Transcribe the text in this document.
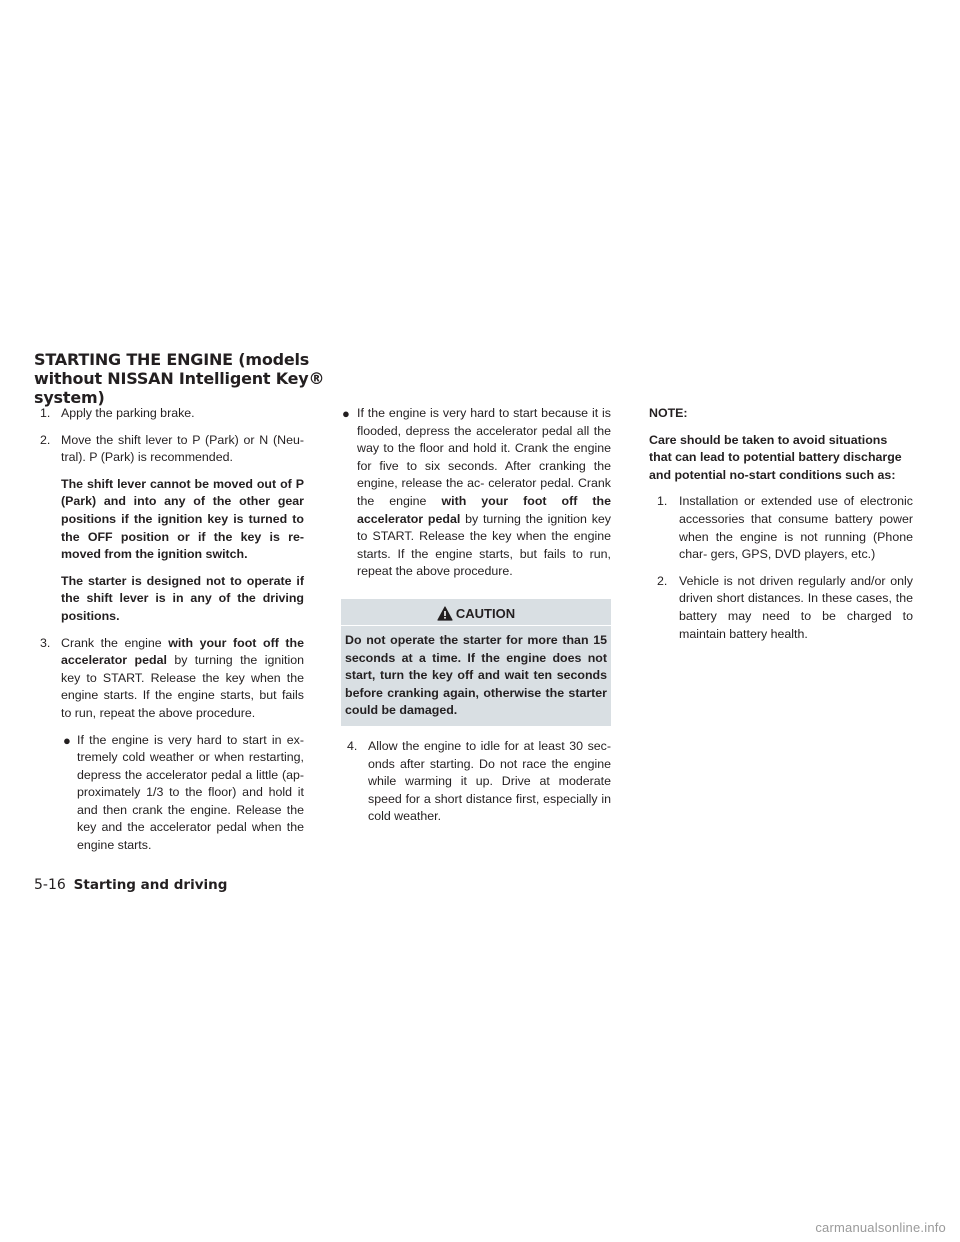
STARTING THE ENGINE (models without NISSAN Intelligent Key® system)

1. Apply the parking brake.

2. Move the shift lever to P (Park) or N (Neu- tral). P (Park) is recommended.

The shift lever cannot be moved out of P (Park) and into any of the other gear positions if the ignition key is turned to the OFF position or if the key is re- moved from the ignition switch.

The starter is designed not to operate if the shift lever is in any of the driving positions.

3. Crank the engine with your foot off the accelerator pedal by turning the ignition key to START. Release the key when the engine starts. If the engine starts, but fails to run, repeat the above procedure.

● If the engine is very hard to start in ex- tremely cold weather or when restarting, depress the accelerator pedal a little (ap- proximately 1/3 to the floor) and hold it and then crank the engine. Release the key and the accelerator pedal when the engine starts.

● If the engine is very hard to start because it is flooded, depress the accelerator pedal all the way to the floor and hold it. Crank the engine for five to six seconds. After cranking the engine, release the ac- celerator pedal. Crank the engine with your foot off the accelerator pedal by turning the ignition key to START. Release the key when the engine starts. If the engine starts, but fails to run, repeat the above procedure.

CAUTION

Do not operate the starter for more than 15 seconds at a time. If the engine does not start, turn the key off and wait ten seconds before cranking again, otherwise the starter could be damaged.

4. Allow the engine to idle for at least 30 sec- onds after starting. Do not race the engine while warming it up. Drive at moderate speed for a short distance first, especially in cold weather.

NOTE:

Care should be taken to avoid situations that can lead to potential battery discharge and potential no-start conditions such as:

1. Installation or extended use of electronic accessories that consume battery power when the engine is not running (Phone char- gers, GPS, DVD players, etc.)

2. Vehicle is not driven regularly and/or only driven short distances. In these cases, the battery may need to be charged to maintain battery health.

5-16 Starting and driving
carmanualsonline.info
